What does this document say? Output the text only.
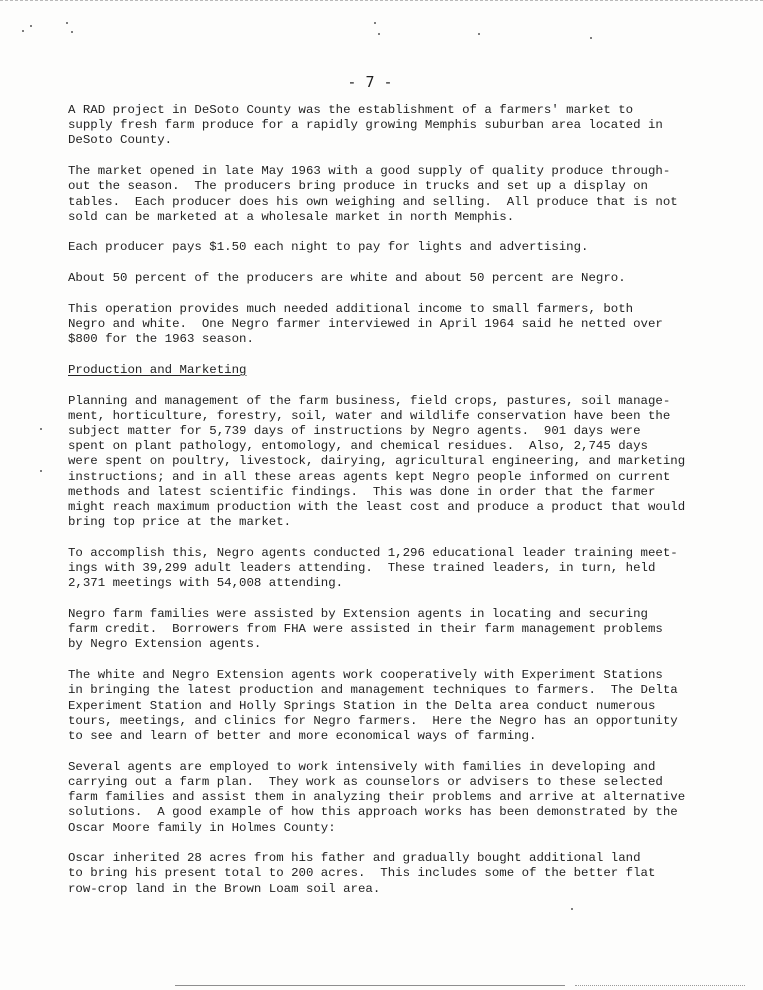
- 7 -

A RAD project in DeSoto County was the establishment of a farmers' market to
supply fresh farm produce for a rapidly growing Memphis suburban area located in
DeSoto County.

The market opened in late May 1963 with a good supply of quality produce through-
out the season.  The producers bring produce in trucks and set up a display on
tables.  Each producer does his own weighing and selling.  All produce that is not
sold can be marketed at a wholesale market in north Memphis.

Each producer pays $1.50 each night to pay for lights and advertising.

About 50 percent of the producers are white and about 50 percent are Negro.

This operation provides much needed additional income to small farmers, both
Negro and white.  One Negro farmer interviewed in April 1964 said he netted over
$800 for the 1963 season.

Production and Marketing

Planning and management of the farm business, field crops, pastures, soil manage-
ment, horticulture, forestry, soil, water and wildlife conservation have been the
subject matter for 5,739 days of instructions by Negro agents.  901 days were
spent on plant pathology, entomology, and chemical residues.  Also, 2,745 days
were spent on poultry, livestock, dairying, agricultural engineering, and marketing
instructions; and in all these areas agents kept Negro people informed on current
methods and latest scientific findings.  This was done in order that the farmer
might reach maximum production with the least cost and produce a product that would
bring top price at the market.

To accomplish this, Negro agents conducted 1,296 educational leader training meet-
ings with 39,299 adult leaders attending.  These trained leaders, in turn, held
2,371 meetings with 54,008 attending.

Negro farm families were assisted by Extension agents in locating and securing
farm credit.  Borrowers from FHA were assisted in their farm management problems
by Negro Extension agents.

The white and Negro Extension agents work cooperatively with Experiment Stations
in bringing the latest production and management techniques to farmers.  The Delta
Experiment Station and Holly Springs Station in the Delta area conduct numerous
tours, meetings, and clinics for Negro farmers.  Here the Negro has an opportunity
to see and learn of better and more economical ways of farming.

Several agents are employed to work intensively with families in developing and
carrying out a farm plan.  They work as counselors or advisers to these selected
farm families and assist them in analyzing their problems and arrive at alternative
solutions.  A good example of how this approach works has been demonstrated by the
Oscar Moore family in Holmes County:

Oscar inherited 28 acres from his father and gradually bought additional land
to bring his present total to 200 acres.  This includes some of the better flat
row-crop land in the Brown Loam soil area.
